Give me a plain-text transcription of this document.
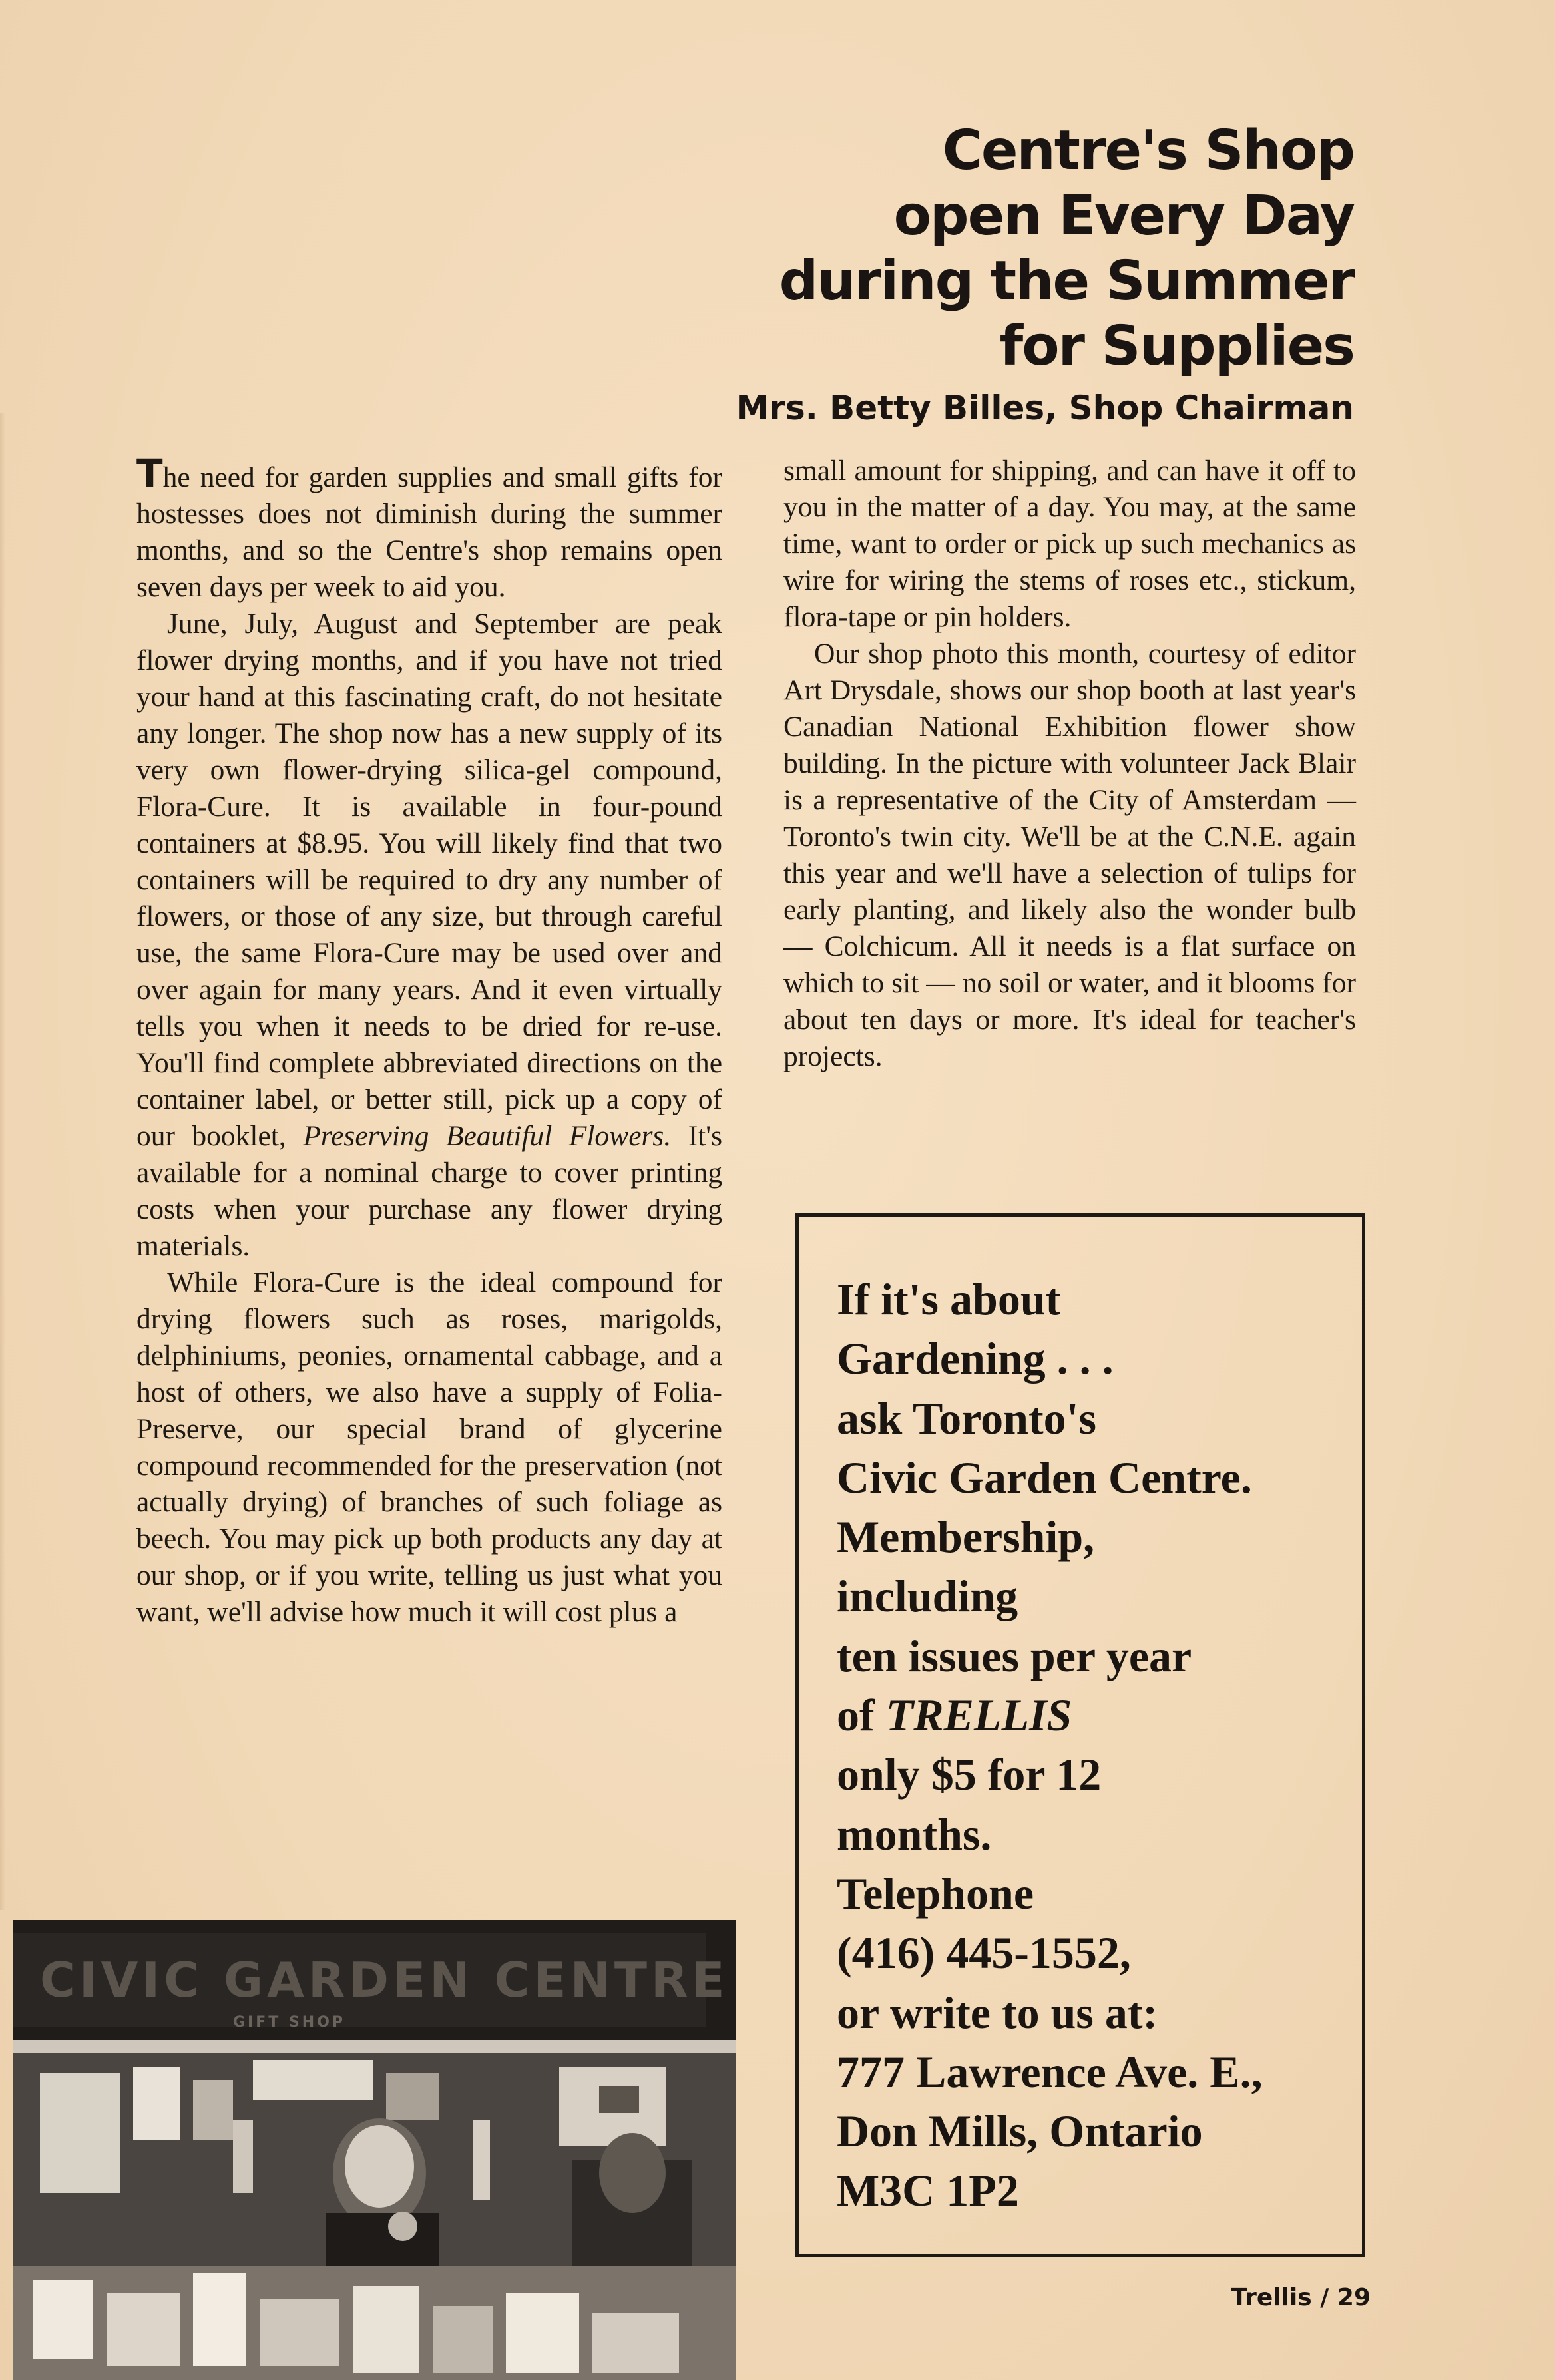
Centre's Shop
open Every Day
during the Summer
for Supplies
Mrs. Betty Billes, Shop Chairman

The need for garden supplies and small gifts for hostesses does not diminish during the summer months, and so the Centre's shop remains open seven days per week to aid you.

June, July, August and September are peak flower drying months, and if you have not tried your hand at this fascinating craft, do not hesitate any longer. The shop now has a new supply of its very own flower-drying silica-gel compound, Flora-Cure. It is available in four-pound containers at $8.95. You will likely find that two containers will be required to dry any number of flowers, or those of any size, but through careful use, the same Flora-Cure may be used over and over again for many years. And it even virtually tells you when it needs to be dried for re-use. You'll find complete abbreviated directions on the container label, or better still, pick up a copy of our booklet, Preserving Beautiful Flowers. It's available for a nominal charge to cover printing costs when your purchase any flower drying materials.

While Flora-Cure is the ideal compound for drying flowers such as roses, marigolds, delphiniums, peonies, ornamental cabbage, and a host of others, we also have a supply of Folia-Preserve, our special brand of glycerine compound recommended for the preservation (not actually drying) of branches of such foliage as beech. You may pick up both products any day at our shop, or if you write, telling us just what you want, we'll advise how much it will cost plus a

small amount for shipping, and can have it off to you in the matter of a day. You may, at the same time, want to order or pick up such mechanics as wire for wiring the stems of roses etc., stickum, flora-tape or pin holders.

Our shop photo this month, courtesy of editor Art Drysdale, shows our shop booth at last year's Canadian National Exhibition flower show building. In the picture with volunteer Jack Blair is a representative of the City of Amsterdam — Toronto's twin city. We'll be at the C.N.E. again this year and we'll have a selection of tulips for early planting, and likely also the wonder bulb — Colchicum. All it needs is a flat surface on which to sit — no soil or water, and it blooms for about ten days or more. It's ideal for teacher's projects.

CIVIC GARDEN CENTRE
GIFT SHOP
If it's about
Gardening . . .
ask Toronto's
Civic Garden Centre.
Membership,
including
ten issues per year
of TRELLIS
only $5 for 12
months.
Telephone
(416) 445-1552,
or write to us at:
777 Lawrence Ave. E.,
Don Mills, Ontario
M3C 1P2
Trellis / 29
